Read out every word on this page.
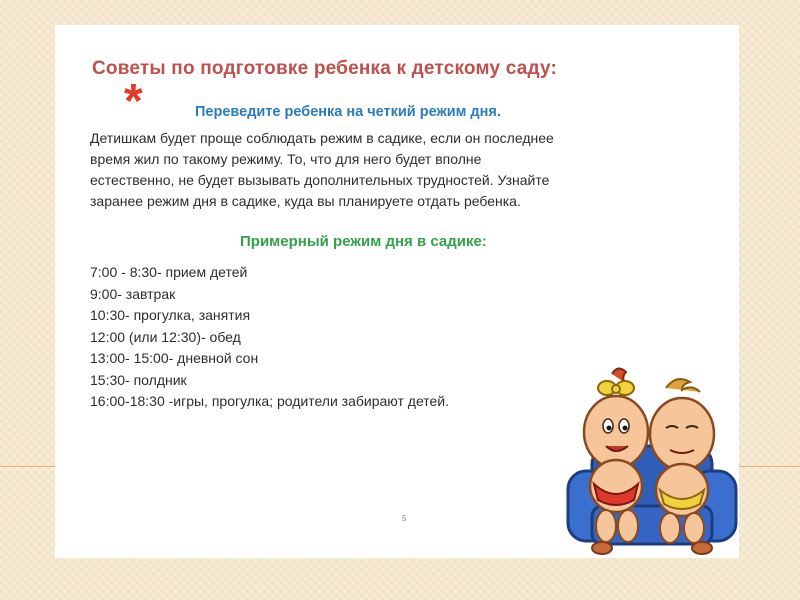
Советы по подготовке ребенка к детскому саду:
*	Переведите ребенка на четкий режим дня.
Детишкам будет проще соблюдать режим в садике, если он последнее
время жил по такому режиму. То, что для него будет вполне
естественно, не будет вызывать дополнительных трудностей. Узнайте
заранее режим дня в садике, куда вы планируете отдать ребенка.
Примерный режим дня в садике:
7:00 - 8:30- прием детей
9:00- завтрак
10:30- прогулка, занятия
12:00 (или 12:30)- обед
13:00- 15:00- дневной сон
15:30- полдник
16:00-18:30 -игры, прогулка; родители забирают детей.
5
